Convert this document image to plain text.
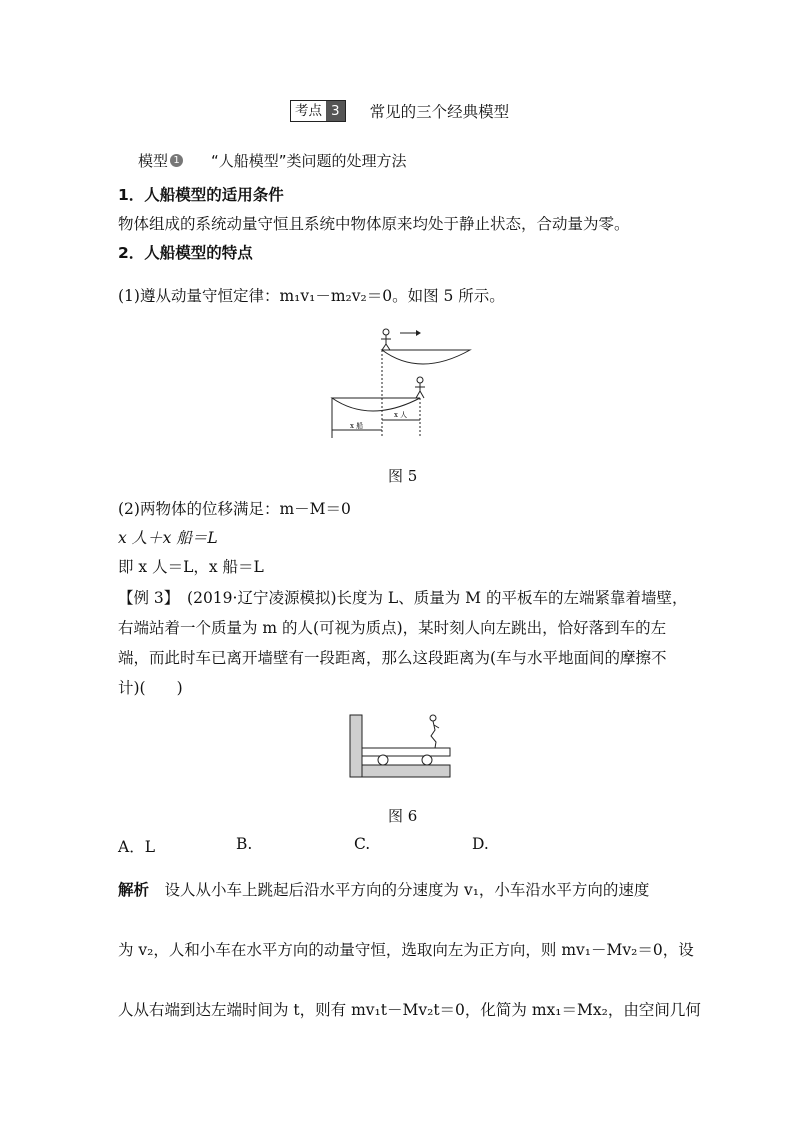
考点 3	常见的三个经典模型
模型 1 “人船模型”类问题的处理方法
1．人船模型的适用条件
物体组成的系统动量守恒且系统中物体原来均处于静止状态，合动量为零。
2．人船模型的特点
(1)遵从动量守恒定律：m₁v₁－m₂v₂＝0。如图 5 所示。
x 船
x 人
图 5
(2)两物体的位移满足：m－M＝0
x 人＋x 船＝L
即 x 人＝L，x 船＝L
【例 3】　(2019·辽宁凌源模拟)长度为 L、质量为 M 的平板车的左端紧靠着墙壁，
右端站着一个质量为 m 的人(可视为质点)，某时刻人向左跳出，恰好落到车的左
端，而此时车已离开墙壁有一段距离，那么这段距离为(车与水平地面间的摩擦不
计)(　　)
图 6
A．L	B.	C.	D.
解析　设人从小车上跳起后沿水平方向的分速度为 v₁，小车沿水平方向的速度
为 v₂，人和小车在水平方向的动量守恒，选取向左为正方向，则 mv₁－Mv₂＝0，设
人从右端到达左端时间为 t，则有 mv₁t－Mv₂t＝0，化简为 mx₁＝Mx₂，由空间几何
